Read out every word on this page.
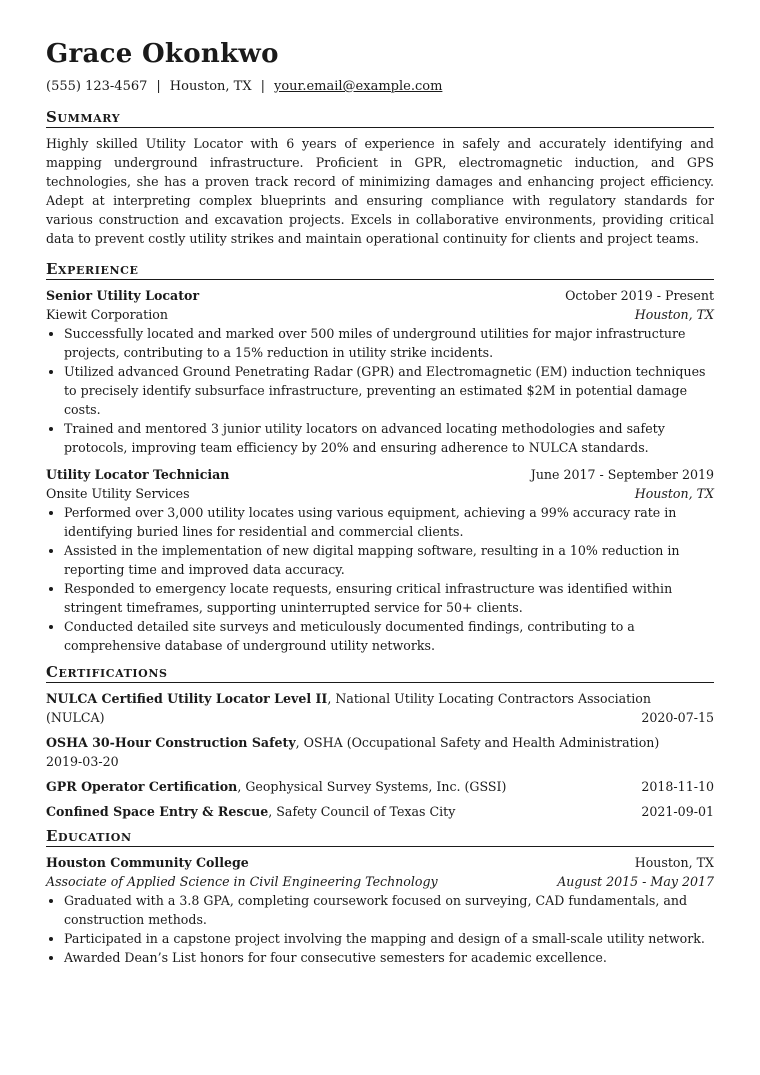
Grace Okonkwo
(555) 123-4567 | Houston, TX | your.email@example.com
Summary
Highly skilled Utility Locator with 6 years of experience in safely and accurately identifying and mapping underground infrastructure. Proficient in GPR, electromagnetic induction, and GPS technologies, she has a proven track record of minimizing damages and enhancing project efficiency. Adept at interpreting complex blueprints and ensuring compliance with regulatory standards for various construction and excavation projects. Excels in collaborative environments, providing critical data to prevent costly utility strikes and maintain operational continuity for clients and project teams.
Experience
Senior Utility Locator	October 2019 - Present
Kiewit Corporation	Houston, TX
• Successfully located and marked over 500 miles of underground utilities for major infrastructure projects, contributing to a 15% reduction in utility strike incidents.
• Utilized advanced Ground Penetrating Radar (GPR) and Electromagnetic (EM) induction techniques to precisely identify subsurface infrastructure, preventing an estimated $2M in potential damage costs.
• Trained and mentored 3 junior utility locators on advanced locating methodologies and safety protocols, improving team efficiency by 20% and ensuring adherence to NULCA standards.
Utility Locator Technician	June 2017 - September 2019
Onsite Utility Services	Houston, TX
• Performed over 3,000 utility locates using various equipment, achieving a 99% accuracy rate in identifying buried lines for residential and commercial clients.
• Assisted in the implementation of new digital mapping software, resulting in a 10% reduction in reporting time and improved data accuracy.
• Responded to emergency locate requests, ensuring critical infrastructure was identified within stringent timeframes, supporting uninterrupted service for 50+ clients.
• Conducted detailed site surveys and meticulously documented findings, contributing to a comprehensive database of underground utility networks.
Certifications
NULCA Certified Utility Locator Level II, National Utility Locating Contractors Association
(NULCA)	2020-07-15
OSHA 30-Hour Construction Safety, OSHA (Occupational Safety and Health Administration)
2019-03-20
GPR Operator Certification, Geophysical Survey Systems, Inc. (GSSI)	2018-11-10
Confined Space Entry & Rescue, Safety Council of Texas City	2021-09-01
Education
Houston Community College	Houston, TX
Associate of Applied Science in Civil Engineering Technology	August 2015 - May 2017
• Graduated with a 3.8 GPA, completing coursework focused on surveying, CAD fundamentals, and construction methods.
• Participated in a capstone project involving the mapping and design of a small-scale utility network.
• Awarded Dean’s List honors for four consecutive semesters for academic excellence.
